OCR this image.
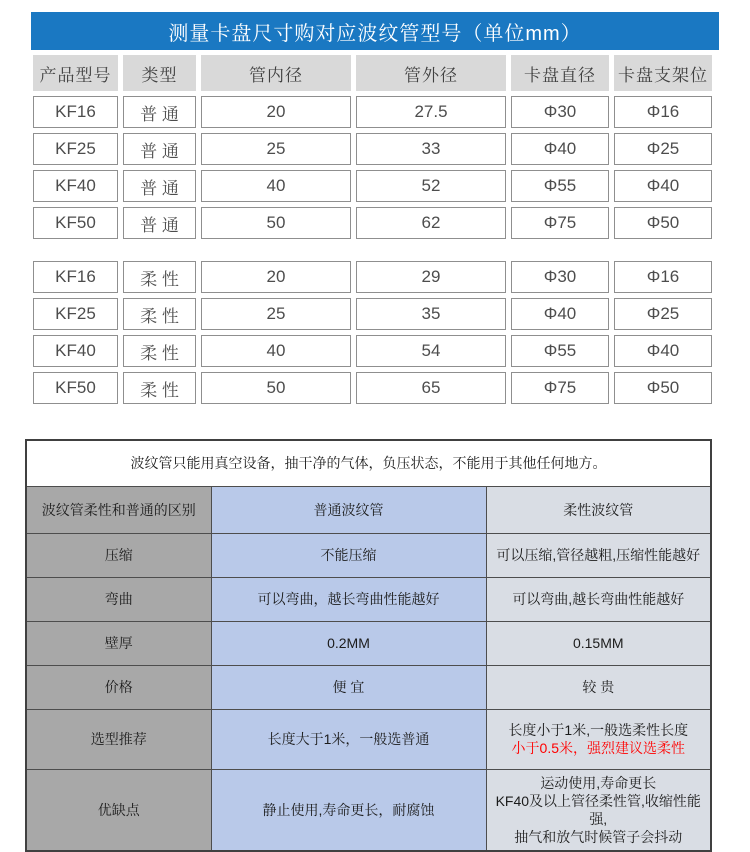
测量卡盘尺寸购对应波纹管型号（单位mm）
产品型号	类型	管内径	管外径	卡盘直径	卡盘支架位
KF16	普 通	20	27.5	Φ30	Φ16
KF25	普 通	25	33	Φ40	Φ25
KF40	普 通	40	52	Φ55	Φ40
KF50	普 通	50	62	Φ75	Φ50

KF16	柔 性	20	29	Φ30	Φ16
KF25	柔 性	25	35	Φ40	Φ25
KF40	柔 性	40	54	Φ55	Φ40
KF50	柔 性	50	65	Φ75	Φ50
波纹管只能用真空设备，抽干净的气体，负压状态，不能用于其他任何地方。		
波纹管柔性和普通的区别	普通波纹管	柔性波纹管
压缩	不能压缩	可以压缩,管径越粗,压缩性能越好
弯曲	可以弯曲，越长弯曲性能越好	可以弯曲,越长弯曲性能越好
壁厚	0.2MM	0.15MM
价格	便 宜	较 贵
选型推荐	长度大于1米，一般选普通	长度小于1米,一般选柔性长度
小于0.5米，强烈建议选柔性

优缺点	静止使用,寿命更长，耐腐蚀	运动使用,寿命更长
KF40及以上管径柔性管,收缩性能强,
抽气和放气时候管子会抖动
